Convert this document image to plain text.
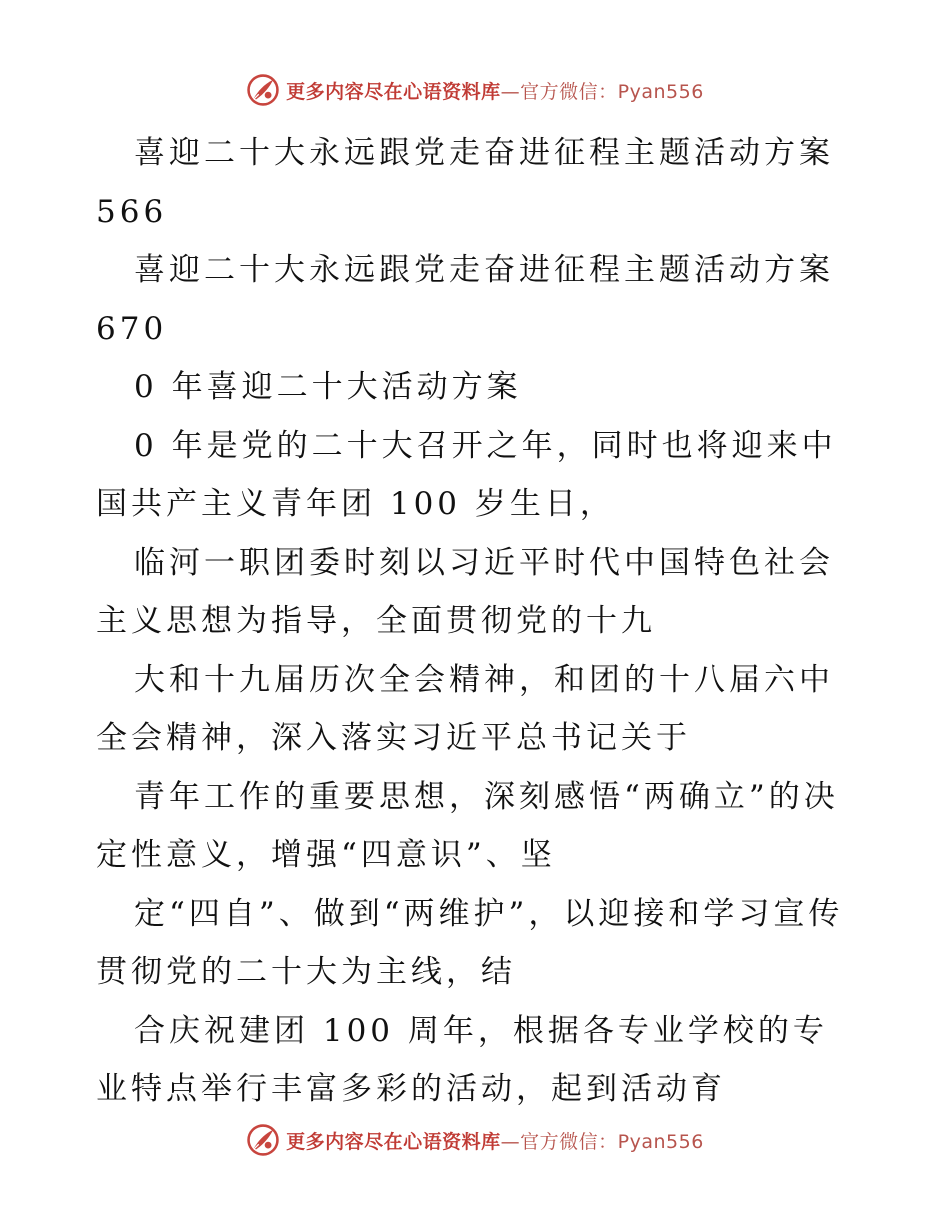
更多内容尽在心语资料库—官方微信：Pyan556

喜迎二十大永远跟党走奋进征程主题活动方案 566

喜迎二十大永远跟党走奋进征程主题活动方案 670

0 年喜迎二十大活动方案

0 年是党的二十大召开之年，同时也将迎来中国共产主义青年团 100 岁生日，

临河一职团委时刻以习近平时代中国特色社会主义思想为指导，全面贯彻党的十九

大和十九届历次全会精神，和团的十八届六中全会精神，深入落实习近平总书记关于

青年工作的重要思想，深刻感悟“两确立”的决定性意义，增强“四意识”、坚

定“四自”、做到“两维护”，以迎接和学习宣传贯彻党的二十大为主线，结

合庆祝建团 100 周年，根据各专业学校的专业特点举行丰富多彩的活动，起到活动育

更多内容尽在心语资料库—官方微信：Pyan556
